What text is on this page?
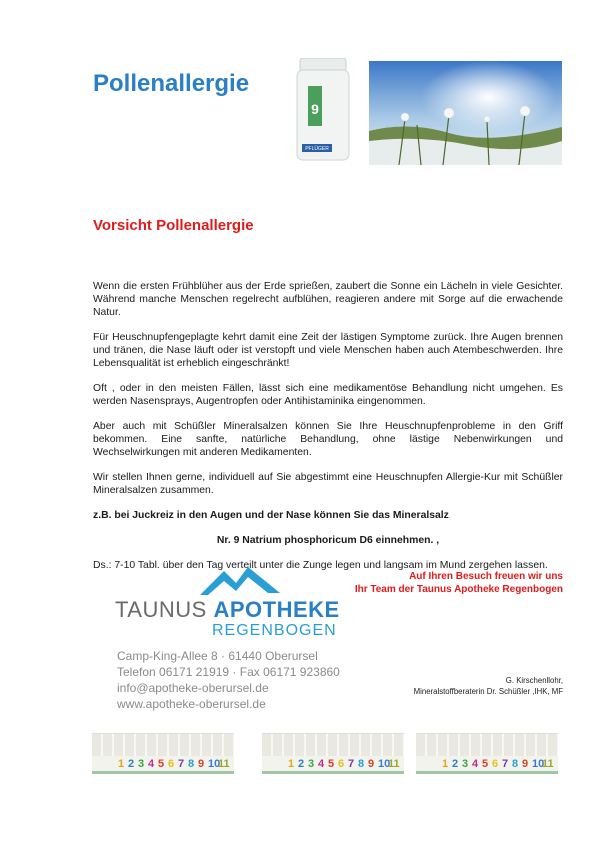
Pollenallergie
9
PFLÜGER
Vorsicht Pollenallergie

Wenn die ersten Frühblüher aus der Erde sprießen, zaubert die Sonne ein Lächeln in viele Gesichter. Während manche Menschen regelrecht aufblühen, reagieren andere mit Sorge auf die erwachende Natur.

Für Heuschnupfengeplagte kehrt damit eine Zeit der lästigen Symptome zurück. Ihre Augen brennen und tränen, die Nase läuft oder ist verstopft und viele Menschen haben auch Atembeschwerden. Ihre Lebensqualität ist erheblich eingeschränkt!

Oft , oder in den meisten Fällen, lässt sich eine medikamentöse Behandlung nicht umgehen. Es werden Nasensprays, Augentropfen oder Antihistaminika eingenommen.

Aber auch mit Schüßler Mineralsalzen können Sie Ihre Heuschnupfenprobleme in den Griff bekommen. Eine sanfte, natürliche Behandlung, ohne lästige Nebenwirkungen und Wechselwirkungen mit anderen Medikamenten.

Wir stellen Ihnen gerne, individuell auf Sie abgestimmt eine Heuschnupfen Allergie-Kur mit Schüßler Mineralsalzen zusammen.

z.B. bei Juckreiz in den Augen und der Nase können Sie das Mineralsalz

Nr. 9 Natrium phosphoricum D6 einnehmen. ,

Ds.: 7-10 Tabl. über den Tag verteilt unter die Zunge legen und langsam im Mund zergehen lassen.

Auf Ihren Besuch freuen wir uns
Ihr Team der Taunus Apotheke Regenbogen
TAUNUS APOTHEKE
REGENBOGEN
Camp-King-Allee 8 · 61440 Oberursel
Telefon 06171 21919 · Fax 06171 923860
info@apotheke-oberursel.de
www.apotheke-oberursel.de
G. Kirschenllohr,
Mineralstoffberaterin Dr. Schüßler ,IHK, MF
1 2 3 4 5 6 7 8 9 10
11	1 2 3 4 5 6 7 8 9 10
11	1 2 3 4 5 6 7 8 9 10
11
